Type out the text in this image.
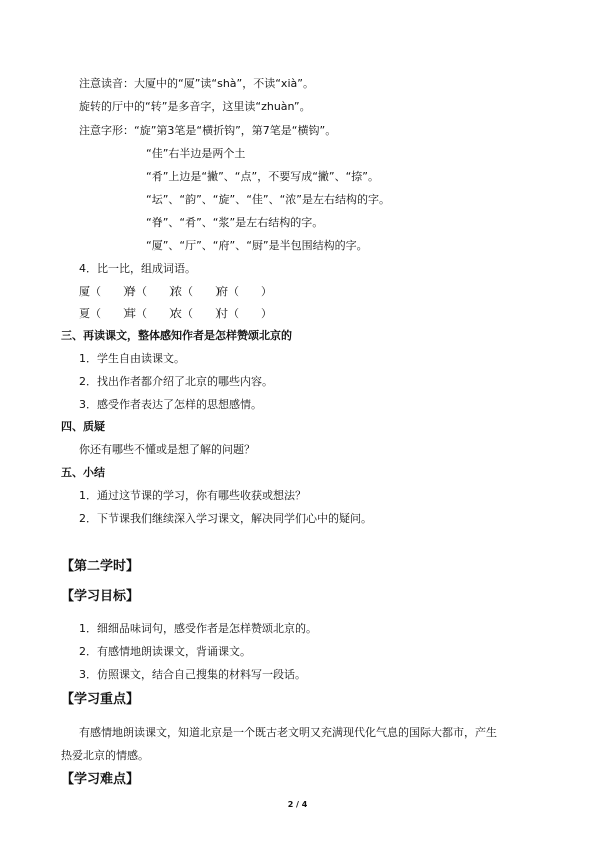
注意读音：大厦中的“厦”读“shà”，不读“xià”。
旋转的厅中的“转”是多音字，这里读“zhuàn”。
注意字形：“旋”第3笔是“横折钩”，第7笔是“横钩”。
“佳”右半边是两个土
“肴”上边是“撇”、“点”，不要写成“撇”、“捺”。
“坛”、“韵”、“旋”、“佳”、“浓”是左右结构的字。
“脊”、“肴”、“浆”是左右结构的字。
“厦”、“厅”、“府”、“厨”是半包围结构的字。
4．比一比，组成词语。
厦（　　）
脊（　　）
浓（　　）
府（　　）
夏（　　）
茸（　　）
农（　　）
付（　　）
三、再读课文，整体感知作者是怎样赞颂北京的
1．学生自由读课文。
2．找出作者都介绍了北京的哪些内容。
3．感受作者表达了怎样的思想感情。
四、质疑
你还有哪些不懂或是想了解的问题？
五、小结
1．通过这节课的学习，你有哪些收获或想法？
2．下节课我们继续深入学习课文，解决同学们心中的疑问。
【第二学时】
【学习目标】
1．细细品味词句，感受作者是怎样赞颂北京的。
2．有感情地朗读课文，背诵课文。
3．仿照课文，结合自己搜集的材料写一段话。
【学习重点】
有感情地朗读课文，知道北京是一个既古老文明又充满现代化气息的国际大都市，产生
热爱北京的情感。
【学习难点】
2 / 4
